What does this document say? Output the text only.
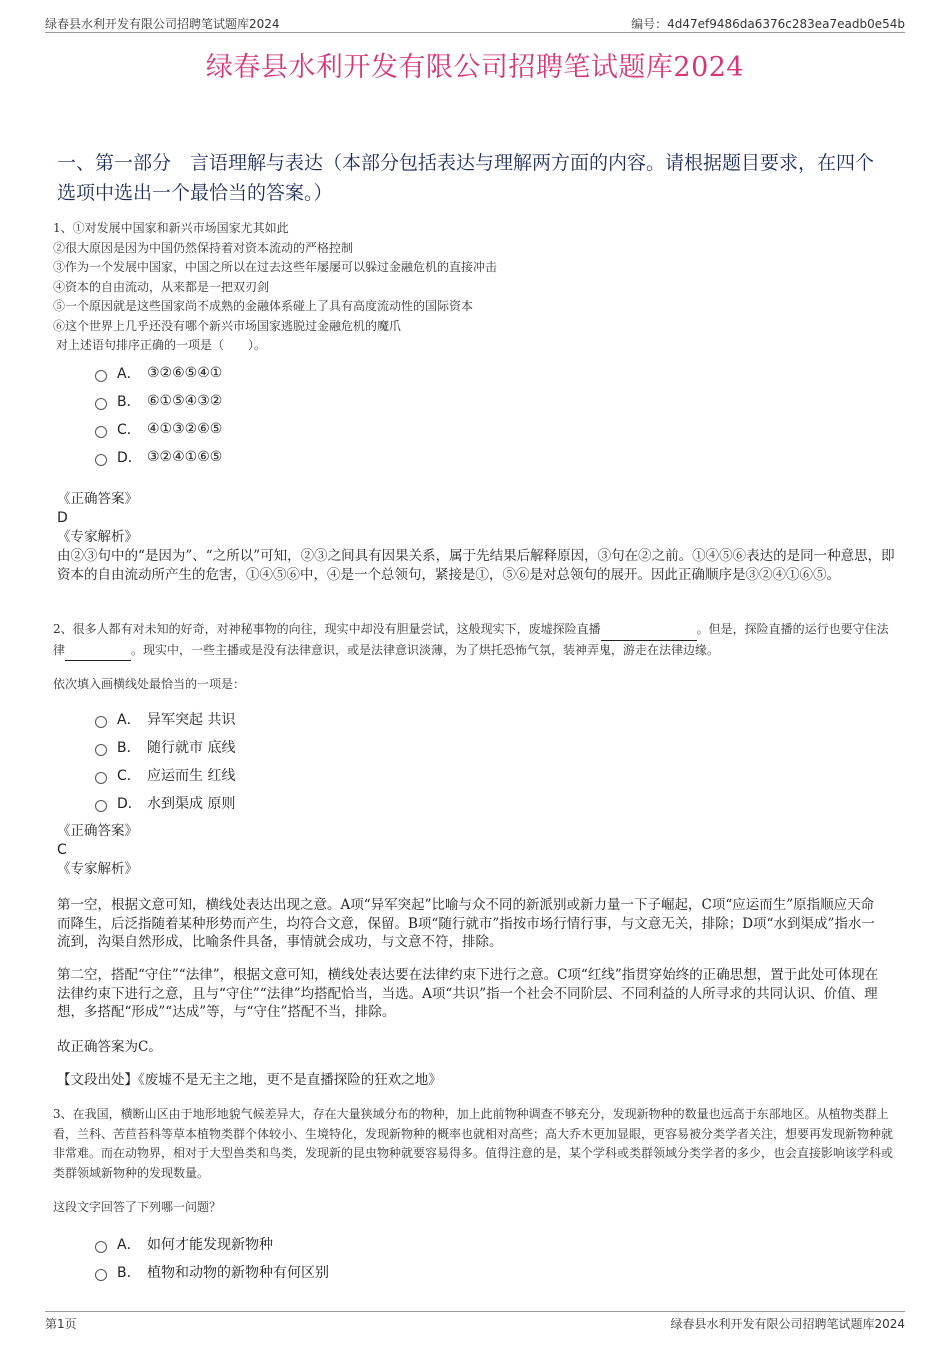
绿春县水利开发有限公司招聘笔试题库2024	编号：4d47ef9486da6376c283ea7eadb0e54b
绿春县水利开发有限公司招聘笔试题库2024
一、第一部分　言语理解与表达（本部分包括表达与理解两方面的内容。请根据题目要求，在四个选项中选出一个最恰当的答案。）
1、①对发展中国家和新兴市场国家尤其如此
②很大原因是因为中国仍然保持着对资本流动的严格控制
③作为一个发展中国家，中国之所以在过去这些年屡屡可以躲过金融危机的直接冲击
④资本的自由流动，从来都是一把双刃剑
⑤一个原因就是这些国家尚不成熟的金融体系碰上了具有高度流动性的国际资本
⑥这个世界上几乎还没有哪个新兴市场国家逃脱过金融危机的魔爪
对上述语句排序正确的一项是（　　）。
A． ③②⑥⑤④①
B． ⑥①⑤④③②
C． ④①③②⑥⑤
D． ③②④①⑥⑤
《正确答案》
D
《专家解析》
由②③句中的“是因为”、“之所以”可知，②③之间具有因果关系，属于先结果后解释原因，③句在②之前。①④⑤⑥表达的是同一种意思，即资本的自由流动所产生的危害，①④⑤⑥中，④是一个总领句，紧接是①，⑤⑥是对总领句的展开。因此正确顺序是③②④①⑥⑤。
2、很多人都有对未知的好奇，对神秘事物的向往，现实中却没有胆量尝试，这般现实下，废墟探险直播	。但是，探险直播的运行也要守住法律	。现实中，一些主播或是没有法律意识，或是法律意识淡薄，为了烘托恐怖气氛，装神弄鬼，游走在法律边缘。
依次填入画横线处最恰当的一项是：
A． 异军突起 共识
B． 随行就市 底线
C． 应运而生 红线
D． 水到渠成 原则
《正确答案》
C
《专家解析》
第一空，根据文意可知，横线处表达出现之意。A项“异军突起”比喻与众不同的新派别或新力量一下子崛起，C项“应运而生”原指顺应天命而降生，后泛指随着某种形势而产生，均符合文意，保留。B项“随行就市”指按市场行情行事，与文意无关，排除；D项“水到渠成”指水一流到，沟渠自然形成，比喻条件具备，事情就会成功，与文意不符，排除。
第二空，搭配“守住”“法律”，根据文意可知，横线处表达要在法律约束下进行之意。C项“红线”指贯穿始终的正确思想，置于此处可体现在法律约束下进行之意，且与“守住”“法律”均搭配恰当，当选。A项“共识”指一个社会不同阶层、不同利益的人所寻求的共同认识、价值、理想，多搭配“形成”“达成”等，与“守住”搭配不当，排除。
故正确答案为C。
【文段出处】《废墟不是无主之地，更不是直播探险的狂欢之地》
3、在我国，横断山区由于地形地貌气候差异大，存在大量狭域分布的物种，加上此前物种调查不够充分，发现新物种的数量也远高于东部地区。从植物类群上看，兰科、苦苣苔科等草本植物类群个体较小、生境特化，发现新物种的概率也就相对高些；高大乔木更加显眼，更容易被分类学者关注，想要再发现新物种就非常难。而在动物界，相对于大型兽类和鸟类，发现新的昆虫物种就要容易得多。值得注意的是，某个学科或类群领域分类学者的多少，也会直接影响该学科或类群领域新物种的发现数量。
这段文字回答了下列哪一问题？
A． 如何才能发现新物种
B． 植物和动物的新物种有何区别
第1页	绿春县水利开发有限公司招聘笔试题库2024
